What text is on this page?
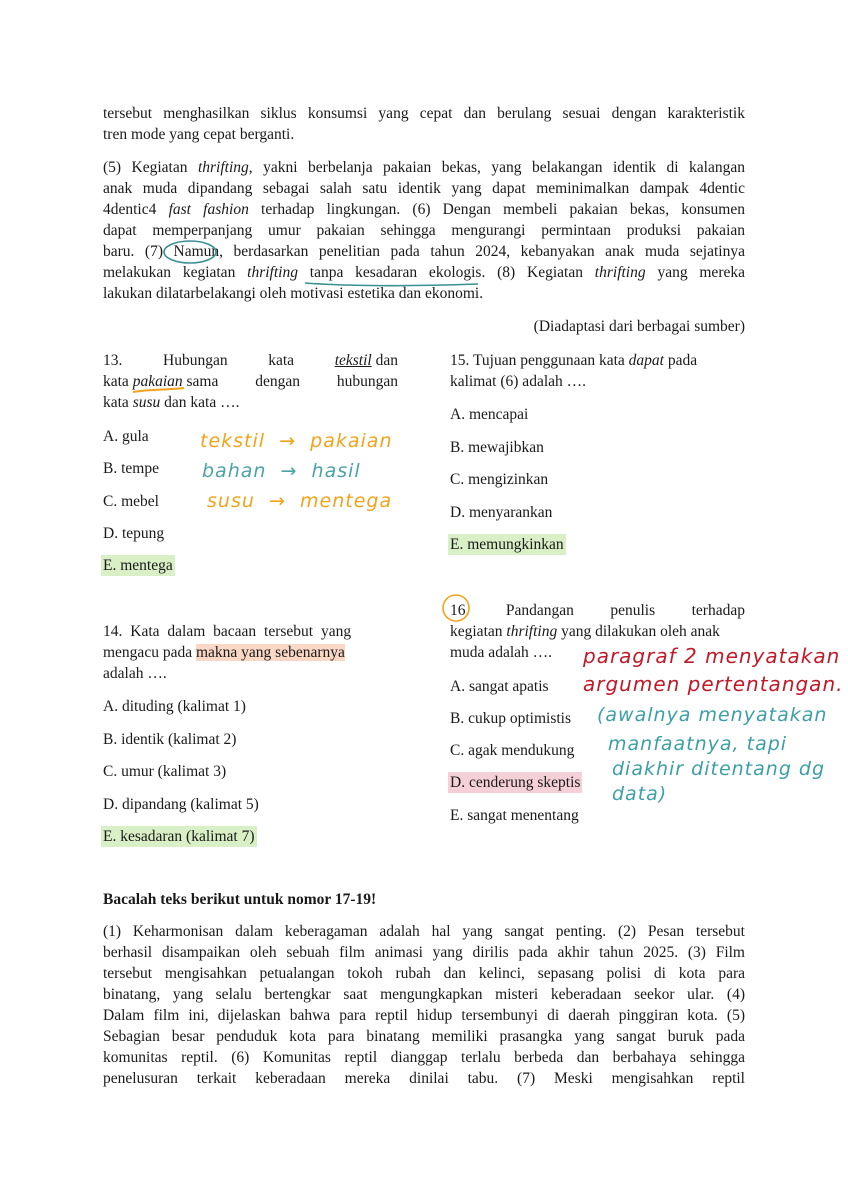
tersebut menghasilkan siklus konsumsi yang cepat dan berulang sesuai dengan karakteristik
tren mode yang cepat berganti.
(5) Kegiatan thrifting, yakni berbelanja pakaian bekas, yang belakangan identik di kalangan
anak muda dipandang sebagai salah satu identik yang dapat meminimalkan dampak 4dentic
4dentic4 fast fashion terhadap lingkungan. (6) Dengan membeli pakaian bekas, konsumen
dapat memperpanjang umur pakaian sehingga mengurangi permintaan produksi pakaian
baru. (7) Namun, berdasarkan penelitian pada tahun 2024, kebanyakan anak muda sejatinya
melakukan kegiatan thrifting tanpa kesadaran ekologis. (8) Kegiatan thrifting yang mereka
lakukan dilatarbelakangi oleh motivasi estetika dan ekonomi.
(Diadaptasi dari berbagai sumber)
13.	Hubungan	kata	tekstil dan
kata pakaian sama dengan hubungan
kata susu dan kata ….
A. gula
B. tempe
C. mebel
D. tepung
E. mentega
tekstil → pakaian
bahan → hasil
susu → mentega
14. Kata dalam bacaan tersebut yang
mengacu pada makna yang sebenarnya
adalah ….
A. dituding (kalimat 1)
B. identik (kalimat 2)
C. umur (kalimat 3)
D. dipandang (kalimat 5)
E. kesadaran (kalimat 7)
15. Tujuan penggunaan kata dapat pada
kalimat (6) adalah ….
A. mencapai
B. mewajibkan
C. mengizinkan
D. menyarankan
E. memungkinkan
16. Pandangan penulis terhadap
kegiatan thrifting yang dilakukan oleh anak
muda adalah ….
A. sangat apatis
B. cukup optimistis
C. agak mendukung
D. cenderung skeptis
E. sangat menentang
paragraf 2 menyatakan
argumen pertentangan.
(awalnya menyatakan
manfaatnya, tapi
diakhir ditentang dg
data)
Bacalah teks berikut untuk nomor 17-19!
(1) Keharmonisan dalam keberagaman adalah hal yang sangat penting. (2) Pesan tersebut
berhasil disampaikan oleh sebuah film animasi yang dirilis pada akhir tahun 2025. (3) Film
tersebut mengisahkan petualangan tokoh rubah dan kelinci, sepasang polisi di kota para
binatang, yang selalu bertengkar saat mengungkapkan misteri keberadaan seekor ular. (4)
Dalam film ini, dijelaskan bahwa para reptil hidup tersembunyi di daerah pinggiran kota. (5)
Sebagian besar penduduk kota para binatang memiliki prasangka yang sangat buruk pada
komunitas reptil. (6) Komunitas reptil dianggap terlalu berbeda dan berbahaya sehingga
penelusuran terkait keberadaan mereka dinilai tabu. (7) Meski mengisahkan reptil
